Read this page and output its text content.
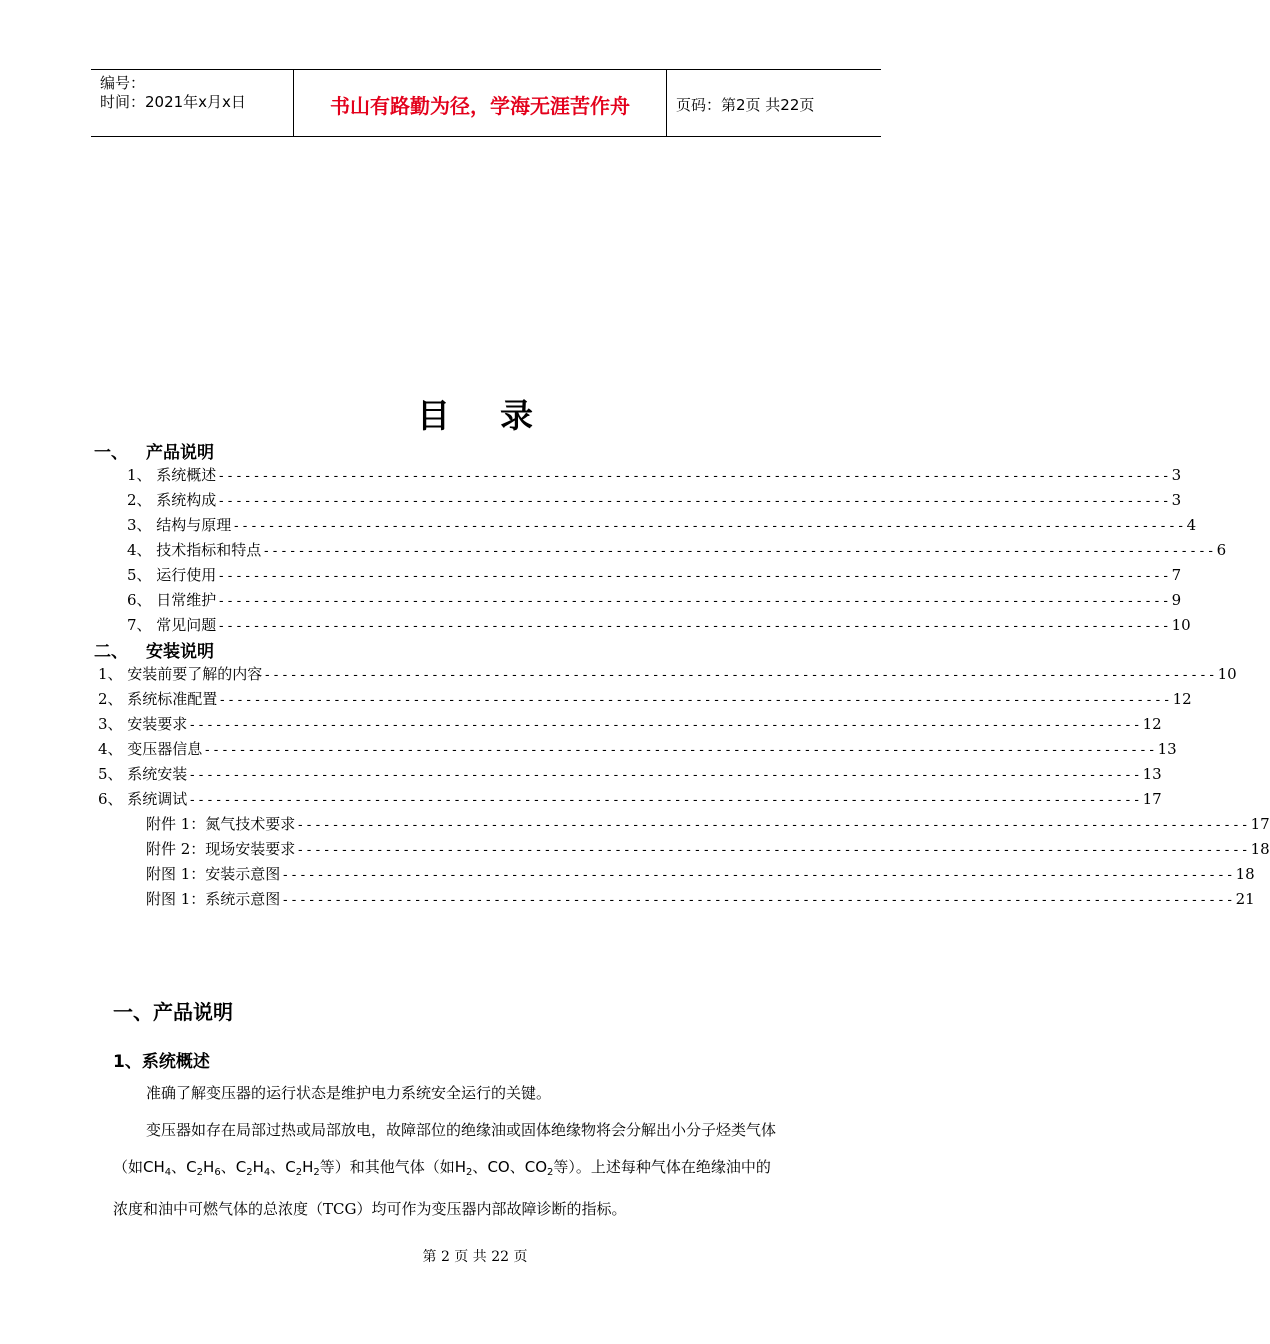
编号：
时间：2021年x月x日	书山有路勤为径，学海无涯苦作舟	页码：第2页 共22页
目录
一、 产品说明
1、 系统概述 ------------------------------------------------------------------------------------------------------------ 3
2、 系统构成 ------------------------------------------------------------------------------------------------------------ 3
3、 结构与原理 ------------------------------------------------------------------------------------------------------------ 4
4、 技术指标和特点 ------------------------------------------------------------------------------------------------------------ 6
5、 运行使用 ------------------------------------------------------------------------------------------------------------ 7
6、 日常维护 ------------------------------------------------------------------------------------------------------------ 9
7、 常见问题 ------------------------------------------------------------------------------------------------------------ 10
二、 安装说明
1、 安装前要了解的内容 ------------------------------------------------------------------------------------------------------------ 10
2、 系统标准配置 ------------------------------------------------------------------------------------------------------------ 12
3、 安装要求 ------------------------------------------------------------------------------------------------------------ 12
4、 变压器信息 ------------------------------------------------------------------------------------------------------------ 13
5、 系统安装 ------------------------------------------------------------------------------------------------------------ 13
6、 系统调试 ------------------------------------------------------------------------------------------------------------ 17
附件 1：氮气技术要求 ------------------------------------------------------------------------------------------------------------ 17
附件 2：现场安装要求 ------------------------------------------------------------------------------------------------------------ 18
附图 1：安装示意图 ------------------------------------------------------------------------------------------------------------ 18
附图 1：系统示意图 ------------------------------------------------------------------------------------------------------------ 21
一、产品说明
1、系统概述

准确了解变压器的运行状态是维护电力系统安全运行的关键。

变压器如存在局部过热或局部放电，故障部位的绝缘油或固体绝缘物将会分解出小分子烃类气体

（如$CH_4$、$C_2H_6$、$C_2H_4$、$C_2H_2$等）和其他气体（如$H_2$、CO、$CO_2$等）。上述每种气体在绝缘油中的

浓度和油中可燃气体的总浓度（TCG）均可作为变压器内部故障诊断的指标。

第 2 页 共 22 页
